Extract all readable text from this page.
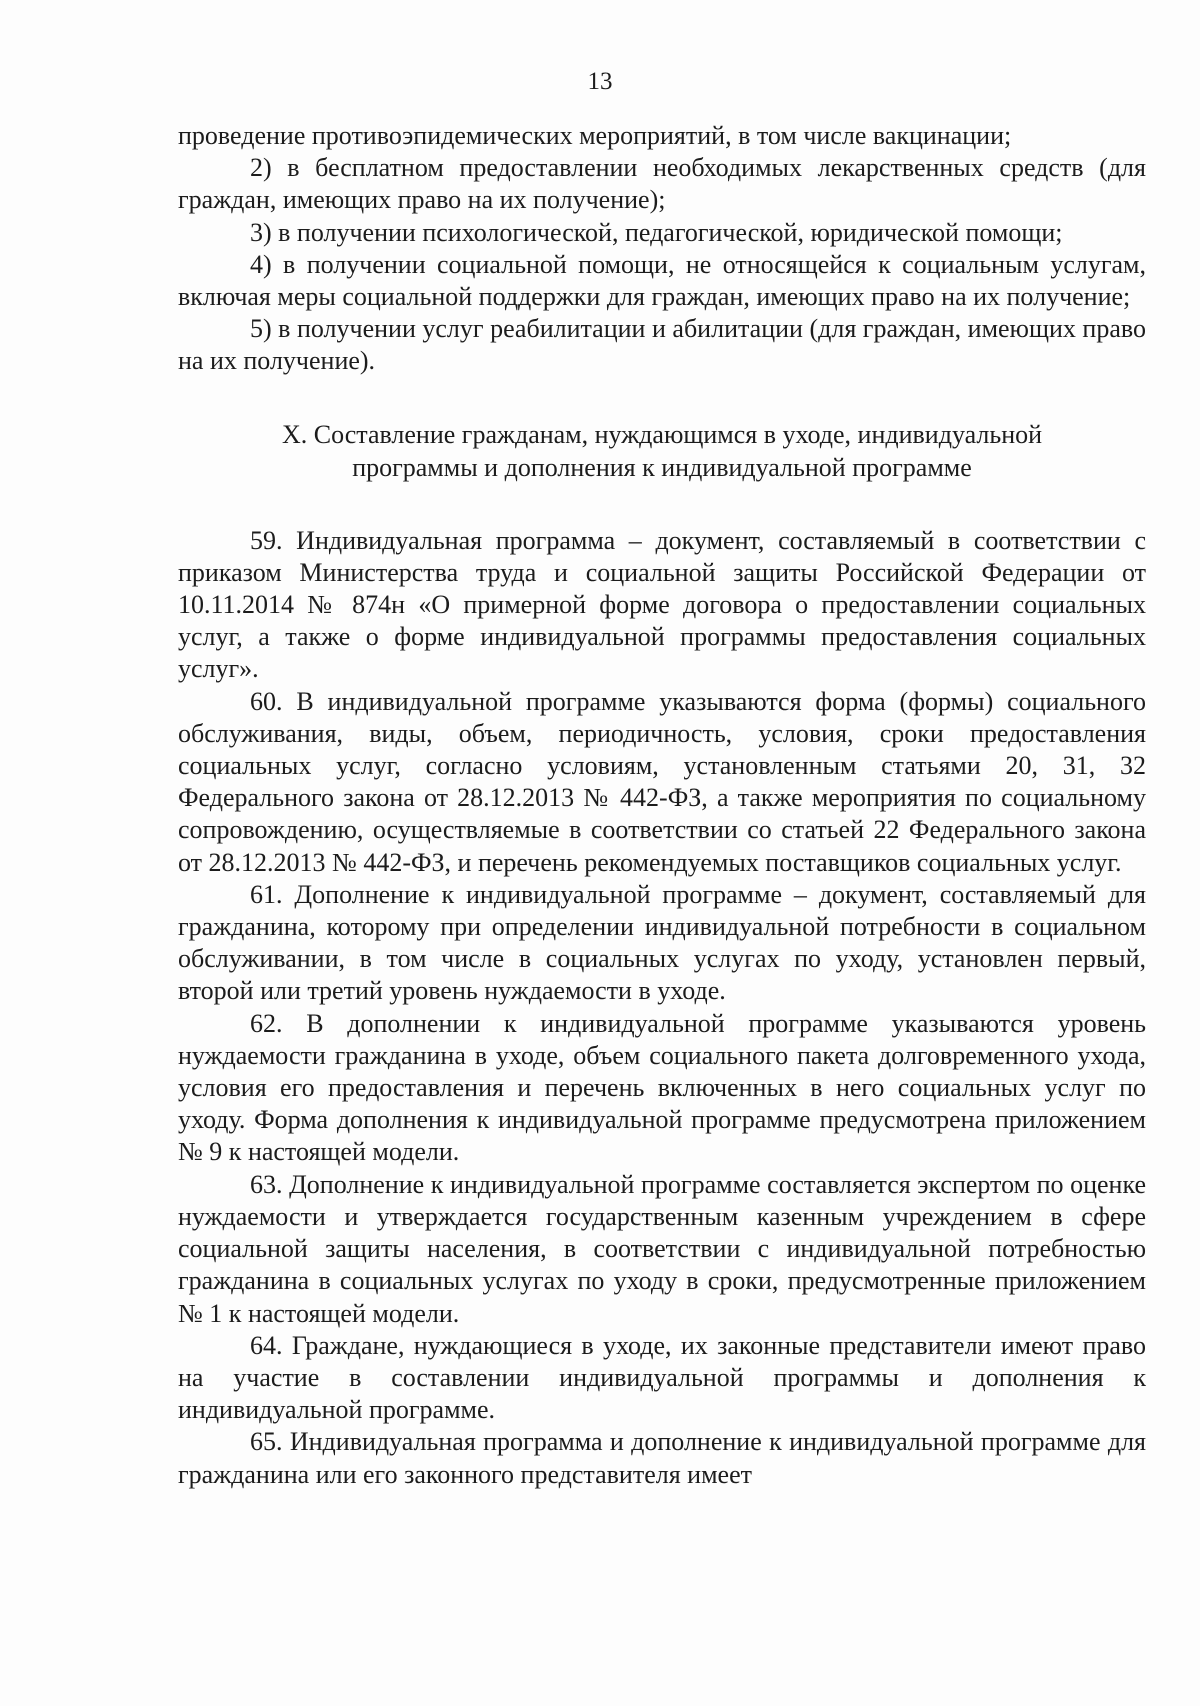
13

проведение противоэпидемических мероприятий, в том числе вакцинации;

2) в бесплатном предоставлении необходимых лекарственных средств (для граждан, имеющих право на их получение);

3) в получении психологической, педагогической, юридической помощи;

4) в получении социальной помощи, не относящейся к социальным услугам, включая меры социальной поддержки для граждан, имеющих право на их получение;

5) в получении услуг реабилитации и абилитации (для граждан, имеющих право на их получение).

X. Составление гражданам, нуждающимся в уходе, индивидуальной
программы и дополнения к индивидуальной программе

59. Индивидуальная программа – документ, составляемый в соответствии с приказом Министерства труда и социальной защиты Российской Федерации от 10.11.2014 № 874н «О примерной форме договора о предоставлении социальных услуг, а также о форме индивидуальной программы предоставления социальных услуг».

60. В индивидуальной программе указываются форма (формы) социального обслуживания, виды, объем, периодичность, условия, сроки предоставления социальных услуг, согласно условиям, установленным статьями 20, 31, 32 Федерального закона от 28.12.2013 № 442-ФЗ, а также мероприятия по социальному сопровождению, осуществляемые в соответствии со статьей 22 Федерального закона от 28.12.2013 № 442-ФЗ, и перечень рекомендуемых поставщиков социальных услуг.

61. Дополнение к индивидуальной программе – документ, составляемый для гражданина, которому при определении индивидуальной потребности в социальном обслуживании, в том числе в социальных услугах по уходу, установлен первый, второй или третий уровень нуждаемости в уходе.

62. В дополнении к индивидуальной программе указываются уровень нуждаемости гражданина в уходе, объем социального пакета долговременного ухода, условия его предоставления и перечень включенных в него социальных услуг по уходу. Форма дополнения к индивидуальной программе предусмотрена приложением № 9 к настоящей модели.

63. Дополнение к индивидуальной программе составляется экспертом по оценке нуждаемости и утверждается государственным казенным учреждением в сфере социальной защиты населения, в соответствии с индивидуальной потребностью гражданина в социальных услугах по уходу в сроки, предусмотренные приложением № 1 к настоящей модели.

64. Граждане, нуждающиеся в уходе, их законные представители имеют право на участие в составлении индивидуальной программы и дополнения к индивидуальной программе.

65. Индивидуальная программа и дополнение к индивидуальной программе для гражданина или его законного представителя имеет
